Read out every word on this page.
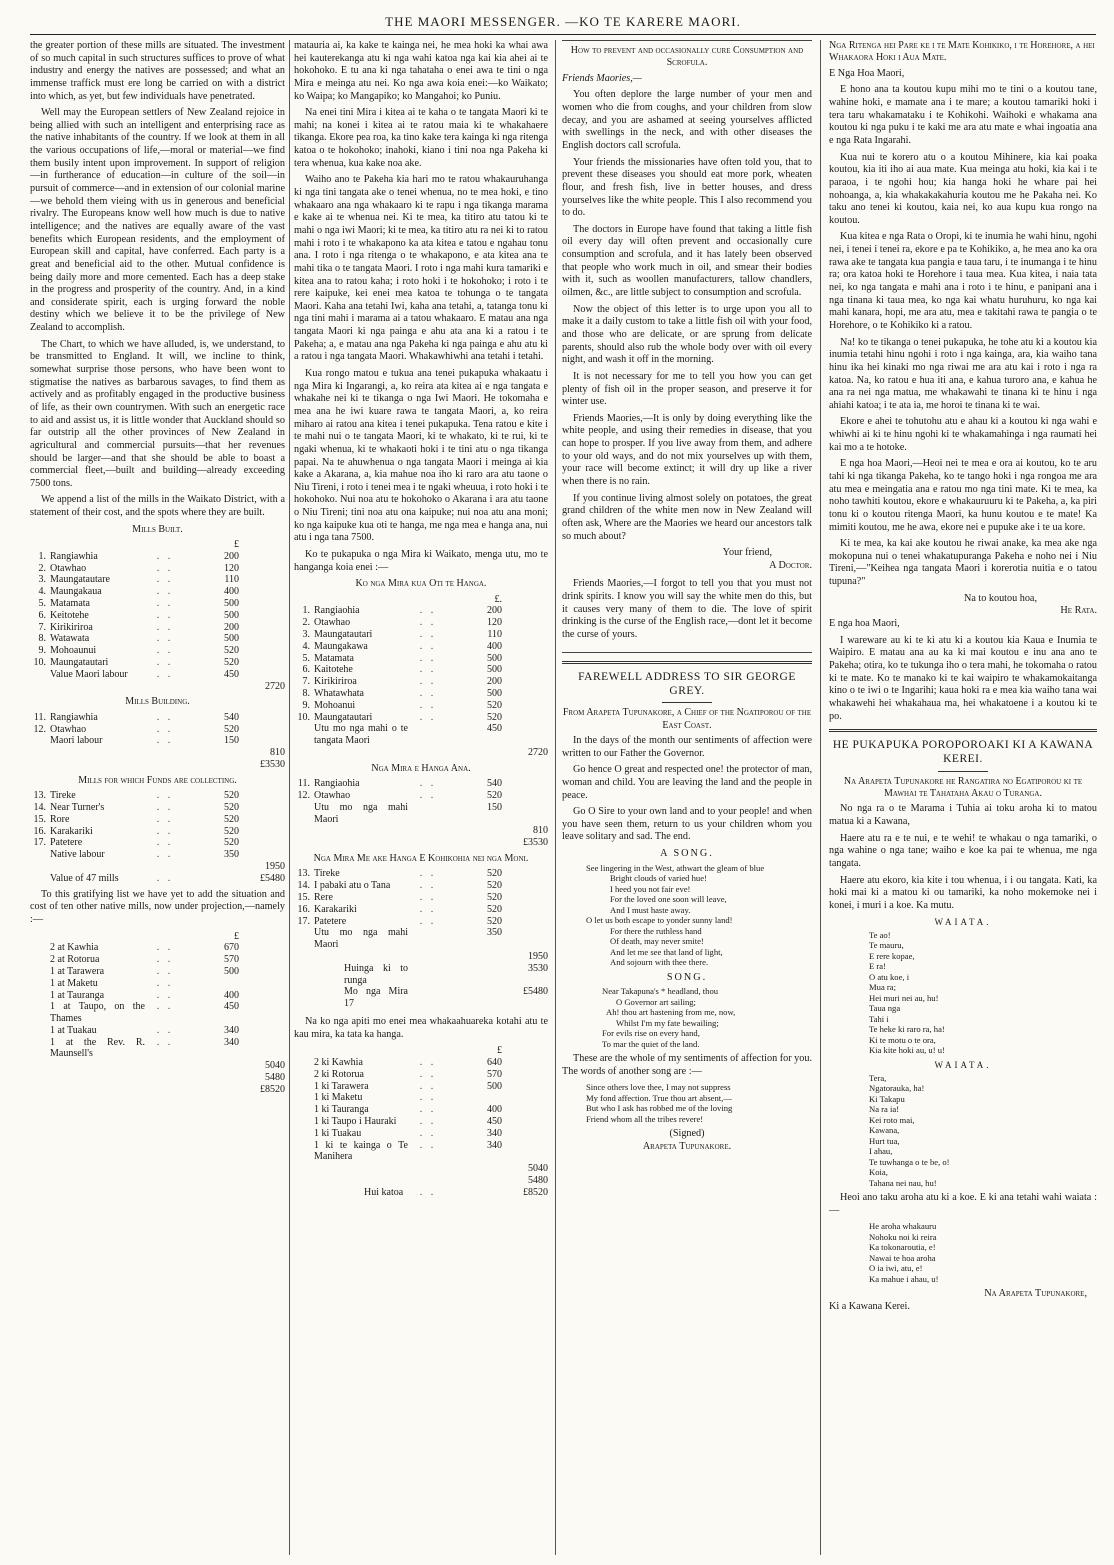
THE MAORI MESSENGER. —KO TE KARERE MAORI.

the greater portion of these mills are situated. The investment of so much capital in such structures suffices to prove of what industry and energy the natives are possessed; and what an immense traffick must ere long be carried on with a district into which, as yet, but few individuals have penetrated.

Well may the European settlers of New Zealand rejoice in being allied with such an intelligent and enterprising race as the native inhabitants of the country. If we look at them in all the various occupations of life,—moral or material—we find them busily intent upon improvement. In support of religion—in furtherance of education—in culture of the soil—in pursuit of commerce—and in extension of our colonial marine—we behold them vieing with us in generous and beneficial rivalry. The Europeans know well how much is due to native intelligence; and the natives are equally aware of the vast benefits which European residents, and the employment of European skill and capital, have conferred. Each party is a great and beneficial aid to the other. Mutual confidence is being daily more and more cemented. Each has a deep stake in the progress and prosperity of the country. And, in a kind and considerate spirit, each is urging forward the noble destiny which we believe it to be the privilege of New Zealand to accomplish.

The Chart, to which we have alluded, is, we understand, to be transmitted to England. It will, we incline to think, somewhat surprise those persons, who have been wont to stigmatise the natives as barbarous savages, to find them as actively and as profitably engaged in the productive business of life, as their own countrymen. With such an energetic race to aid and assist us, it is little wonder that Auckland should so far outstrip all the other provinces of New Zealand in agricultural and commercial pursuits—that her revenues should be larger—and that she should be able to boast a commercial fleet,—built and building—already exceeding 7500 tons.

We append a list of the mills in the Waikato District, with a statement of their cost, and the spots where they are built.

Mills Built.
			£	
1.	Rangiawhia	. .	200	
2.	Otawhao	. .	120	
3.	Maungatautare	. .	110	
4.	Maungakaua	. .	400	
5.	Matamata	. .	500	
6.	Keitotehe	. .	500	
7.	Kirikiriroa	. .	200	
8.	Watawata	. .	500	
9.	Mohoaunui	. .	520	
10.	Maungatautari	. .	520	
	Value Maori labour	. .	450	
				2720
Mills Building.
11.	Rangiawhia	. .	540	
12.	Otawhao	. .	520	
	Maori labour	. .	150	
				810
				£3530
Mills for which Funds are collecting.
13.	Tireke	. .	520	
14.	Near Turner's	. .	520	
15.	Rore	. .	520	
16.	Karakariki	. .	520	
17.	Patetere	. .	520	
	Native labour	. .	350	
				1950
	Value of 47 mills	. .		£5480

To this gratifying list we have yet to add the situation and cost of ten other native mills, now under projection,—namely :—

			£	
	2 at Kawhia	. .	670	
	2 at Rotorua	. .	570	
	1 at Tarawera	. .	500	
	1 at Maketu	. .		
	1 at Tauranga	. .	400	
	1 at Taupo, on the Thames	. .	450	
	1 at Tuakau	. .	340	
	1 at the Rev. R. Maunsell's	. .	340	
				5040
				5480
				£8520

matauria ai, ka kake te kainga nei, he mea hoki ka whai awa hei kauterekanga atu ki nga wahi katoa nga kai kia ahei ai te hokohoko. E tu ana ki nga tahataha o enei awa te tini o nga Mira e meinga atu nei. Ko nga awa koia enei:—ko Waikato; ko Waipa; ko Mangapiko; ko Mangahoi; ko Puniu.

Na enei tini Mira i kitea ai te kaha o te tangata Maori ki te mahi; na konei i kitea ai te ratou maia ki te whakahaere tikanga. Ekore pea roa, ka tino kake tera kainga ki nga ritenga katoa o te hokohoko; inahoki, kiano i tini noa nga Pakeha ki tera whenua, kua kake noa ake.

Waiho ano te Pakeha kia hari mo te ratou whakauruhanga ki nga tini tangata ake o tenei whenua, no te mea hoki, e tino whakaaro ana nga whakaaro ki te rapu i nga tikanga marama e kake ai te whenua nei. Ki te mea, ka titiro atu tatou ki te mahi o nga iwi Maori; ki te mea, ka titiro atu ra nei ki to ratou mahi i roto i te whakapono ka ata kitea e tatou e ngahau tonu ana. I roto i nga ritenga o te whakapono, e ata kitea ana te mahi tika o te tangata Maori. I roto i nga mahi kura tamariki e kitea ana to ratou kaha; i roto hoki i te hokohoko; i roto i te rere kaipuke, kei enei mea katoa te tohunga o te tangata Maori. Kaha ana tetahi Iwi, kaha ana tetahi, a, tatanga tonu ki nga tini mahi i marama ai a tatou whakaaro. E matau ana nga tangata Maori ki nga painga e ahu ata ana ki a ratou i te Pakeha; a, e matau ana nga Pakeha ki nga painga e ahu atu ki a ratou i nga tangata Maori. Whakawhiwhi ana tetahi i tetahi.

Kua rongo matou e tukua ana tenei pukapuka whakaatu i nga Mira ki Ingarangi, a, ko reira ata kitea ai e nga tangata e whakahe nei ki te tikanga o nga Iwi Maori. He tokomaha e mea ana he iwi kuare rawa te tangata Maori, a, ko reira miharo ai ratou ana kitea i tenei pukapuka. Tena ratou e kite i te mahi nui o te tangata Maori, ki te whakato, ki te rui, ki te ngaki whenua, ki te whakaoti hoki i te tini atu o nga tikanga papai. Na te ahuwhenua o nga tangata Maori i meinga ai kia kake a Akarana, a, kia mahue noa iho ki raro ara atu taone o Niu Tireni, i roto i tenei mea i te ngaki wheuua, i roto hoki i te hokohoko. Nui noa atu te hokohoko o Akarana i ara atu taone o Niu Tireni; tini noa atu ona kaipuke; nui noa atu ana moni; ko nga kaipuke kua oti te hanga, me nga mea e hanga ana, nui atu i nga tana 7500.

Ko te pukapuka o nga Mira ki Waikato, menga utu, mo te hanganga koia enei :—

Ko nga Mira kua Oti te Hanga.
			£.	
1.	Rangiaohia	. .	200	
2.	Otawhao	. .	120	
3.	Maungatautari	. .	110	
4.	Maungakawa	. .	400	
5.	Matamata	. .	500	
6.	Kaitotehe	. .	500	
7.	Kirikiriroa	. .	200	
8.	Whatawhata	. .	500	
9.	Mohoanui	. .	520	
10.	Maungatautari	. .	520	
	Utu mo nga mahi o te tangata Maori		450	
				2720
Nga Mira e Hanga Ana.
11.	Rangiaohia	. .	540	
12.	Otawhao	. .	520	
	Utu mo nga mahi Maori		150	
				810
				£3530
Nga Mira Me ake Hanga E Kohikohia nei nga Moni.
13.	Tireke	. .	520	
14.	I pabaki atu o Tana	. .	520	
15.	Rere	. .	520	
16.	Karakariki	. .	520	
17.	Patetere	. .	520	
	Utu mo nga mahi Maori		350	
				1950
	Huinga ki to runga			3530
	Mo nga Mira 17			£5480

Na ko nga apiti mo enei mea whakaahuareka kotahi atu te kau mira, ka tata ka hanga.

			£	
	2 ki Kawhia	. .	640	
	2 ki Rotorua	. .	570	
	1 ki Tarawera	. .	500	
	1 ki Maketu	. .		
	1 ki Tauranga	. .	400	
	1 ki Taupo i Hauraki	. .	450	
	1 ki Tuakau	. .	340	
	1 ki te kainga o Te Manihera	. .	340	
				5040
				5480
	Hui katoa	. .		£8520
How to prevent and occasionally cure Consumption and Scrofula.

Friends Maories,—

You often deplore the large number of your men and women who die from coughs, and your children from slow decay, and you are ashamed at seeing yourselves afflicted with swellings in the neck, and with other diseases the English doctors call scrofula.

Your friends the missionaries have often told you, that to prevent these diseases you should eat more pork, wheaten flour, and fresh fish, live in better houses, and dress yourselves like the white people. This I also recommend you to do.

The doctors in Europe have found that taking a little fish oil every day will often prevent and occasionally cure consumption and scrofula, and it has lately been observed that people who work much in oil, and smear their bodies with it, such as woollen manufacturers, tallow chandlers, oilmen, &c., are little subject to consumption and scrofula.

Now the object of this letter is to urge upon you all to make it a daily custom to take a little fish oil with your food, and those who are delicate, or are sprung from delicate parents, should also rub the whole body over with oil every night, and wash it off in the morning.

It is not necessary for me to tell you how you can get plenty of fish oil in the proper season, and preserve it for winter use.

Friends Maories,—It is only by doing everything like the white people, and using their remedies in disease, that you can hope to prosper. If you live away from them, and adhere to your old ways, and do not mix yourselves up with them, your race will become extinct; it will dry up like a river when there is no rain.

If you continue living almost solely on potatoes, the great grand children of the white men now in New Zealand will often ask, Where are the Maories we heard our ancestors talk so much about?

Your friend,
A Doctor.

Friends Maories,—I forgot to tell you that you must not drink spirits. I know you will say the white men do this, but it causes very many of them to die. The love of spirit drinking is the curse of the English race,—dont let it become the curse of yours.

FAREWELL ADDRESS TO SIR GEORGE GREY.
From Arapeta Tupunakore, a Chief of the Ngatiporou of the East Coast.

In the days of the month our sentiments of affection were written to our Father the Governor.

Go hence O great and respected one! the protector of man, woman and child. You are leaving the land and the people in peace.

Go O Sire to your own land and to your people! and when you have seen them, return to us your children whom you leave solitary and sad. The end.

A SONG.
See lingering in the West, athwart the gleam of blue
Bright clouds of varied hue!
I heed you not fair eve!
For the loved one soon will leave,
And I must haste away.
O let us both escape to yonder sunny land!
For there the ruthless hand
Of death, may never smite!
And let me see that land of light,
And sojourn with thee there.
SONG.
Near Takapuna's * headland, thou
O Governor art sailing;
Ah! thou art hastening from me, now,
Whilst I'm my fate bewailing;
For evils rise on every hand,
To mar the quiet of the land.

These are the whole of my sentiments of affection for you. The words of another song are :—

Since others love thee, I may not suppress
My fond affection. True thou art absent,—
But who I ask has robbed me of the loving
Friend whom all the tribes revere!
(Signed)
Arapeta Tupunakore.
Nga Ritenga hei Pare ke i te Mate Kohikiko, i te Horehore, a hei Whakaora Hoki i Aua Mate.

E Nga Hoa Maori,

E hono ana ta koutou kupu mihi mo te tini o a koutou tane, wahine hoki, e mamate ana i te mare; a koutou tamariki hoki i tera taru whakamataku i te Kohikohi. Waihoki e whakama ana koutou ki nga puku i te kaki me ara atu mate e whai ingoatia ana e nga Rata Ingarahi.

Kua nui te korero atu o a koutou Mihinere, kia kai poaka koutou, kia iti iho ai aua mate. Kua meinga atu hoki, kia kai i te paraoa, i te ngohi hou; kia hanga hoki he whare pai hei nohoanga, a, kia whakakakahuria koutou me he Pakaha nei. Ko taku ano tenei ki koutou, kaia nei, ko aua kupu kua rongo na koutou.

Kua kitea e nga Rata o Oropi, ki te inumia he wahi hinu, ngohi nei, i tenei i tenei ra, ekore e pa te Kohikiko, a, he mea ano ka ora rawa ake te tangata kua pangia e taua taru, i te inumanga i te hinu ra; ora katoa hoki te Horehore i taua mea. Kua kitea, i naia tata nei, ko nga tangata e mahi ana i roto i te hinu, e panipani ana i nga tinana ki taua mea, ko nga kai whatu huruhuru, ko nga kai mahi kanara, hopi, me ara atu, mea e takitahi rawa te pangia o te Horehore, o te Kohikiko ki a ratou.

Na! ko te tikanga o tenei pukapuka, he tohe atu ki a koutou kia inumia tetahi hinu ngohi i roto i nga kainga, ara, kia waiho tana hinu ika hei kinaki mo nga riwai me ara atu kai i roto i nga ra katoa. Na, ko ratou e hua iti ana, e kahua turoro ana, e kahua he ana ra nei nga matua, me whakawahi te tinana ki te hinu i nga ahiahi katoa; i te ata ia, me horoi te tinana ki te wai.

Ekore e ahei te tohutohu atu e ahau ki a koutou ki nga wahi e whiwhi ai ki te hinu ngohi ki te whakamahinga i nga raumati hei kai mo a te hotoke.

E nga hoa Maori,—Heoi nei te mea e ora ai koutou, ko te aru tahi ki nga tikanga Pakeha, ko te tango hoki i nga rongoa me ara atu mea e meingatia ana e ratou mo nga tini mate. Ki te mea, ka noho tawhiti koutou, ekore e whakauruuru ki te Pakeha, a, ka piri tonu ki o koutou ritenga Maori, ka hunu koutou e te mate! Ka mimiti koutou, me he awa, ekore nei e pupuke ake i te ua kore.

Ki te mea, ka kai ake koutou he riwai anake, ka mea ake nga mokopuna nui o tenei whakatupuranga Pakeha e noho nei i Niu Tireni,—"Keihea nga tangata Maori i korerotia nuitia e o tatou tupuna?"

Na to koutou hoa,
He Rata.

E nga hoa Maori,

I wareware au ki te ki atu ki a koutou kia Kaua e Inumia te Waipiro. E matau ana au ka ki mai koutou e inu ana ano te Pakeha; otira, ko te tukunga iho o tera mahi, he tokomaha o ratou ki te mate. Ko te manako ki te kai waipiro te whakamokaitanga kino o te iwi o te Ingarihi; kaua hoki ra e mea kia waiho tana wai whakawehi hei whakahaua ma, hei whakatoene i a koutou ki te po.

HE PUKAPUKA POROPOROAKI KI A KAWANA KEREI.
Na Arapeta Tupunakore he Rangatira no Egatiporou ki te Mawhai te Tahataha Akau o Turanga.

No nga ra o te Marama i Tuhia ai toku aroha ki to matou matua ki a Kawana,

Haere atu ra e te nui, e te wehi! te whakau o nga tamariki, o nga wahine o nga tane; waiho e koe ka pai te whenua, me nga tangata.

Haere atu ekoro, kia kite i tou whenua, i i ou tangata. Kati, ka hoki mai ki a matou ki ou tamariki, ka noho mokemoke nei i konei, i muri i a koe. Ka mutu.

WAIATA.
Te ao!
Te mauru,
E rere kopae,
E ra!
O atu koe, i
Mua ra;
Hei muri nei au, hu!
Taua nga
Tahi i
Te heke ki raro ra, ha!
Ki te motu o te ora,
Kia kite hoki au, u! u!
WAIATA.
Tera,
Ngatorauka, ha!
Ki Takapu
Na ra ia!
Kei roto mai,
Kawana,
Hurt tua,
I ahau,
Te tuwhanga o te be, o!
Koia,
Tahana nei nau, hu!

Heoi ano taku aroha atu ki a koe. E ki ana tetahi wahi waiata :—

He aroha whakauru
Nohoku noi ki reira
Ka tokonaroutia, e!
Nawai te hoa aroha
O ia iwi, atu, e!
Ka mahue i ahau, u!
Na Arapeta Tupunakore,
Ki a Kawana Kerei.
